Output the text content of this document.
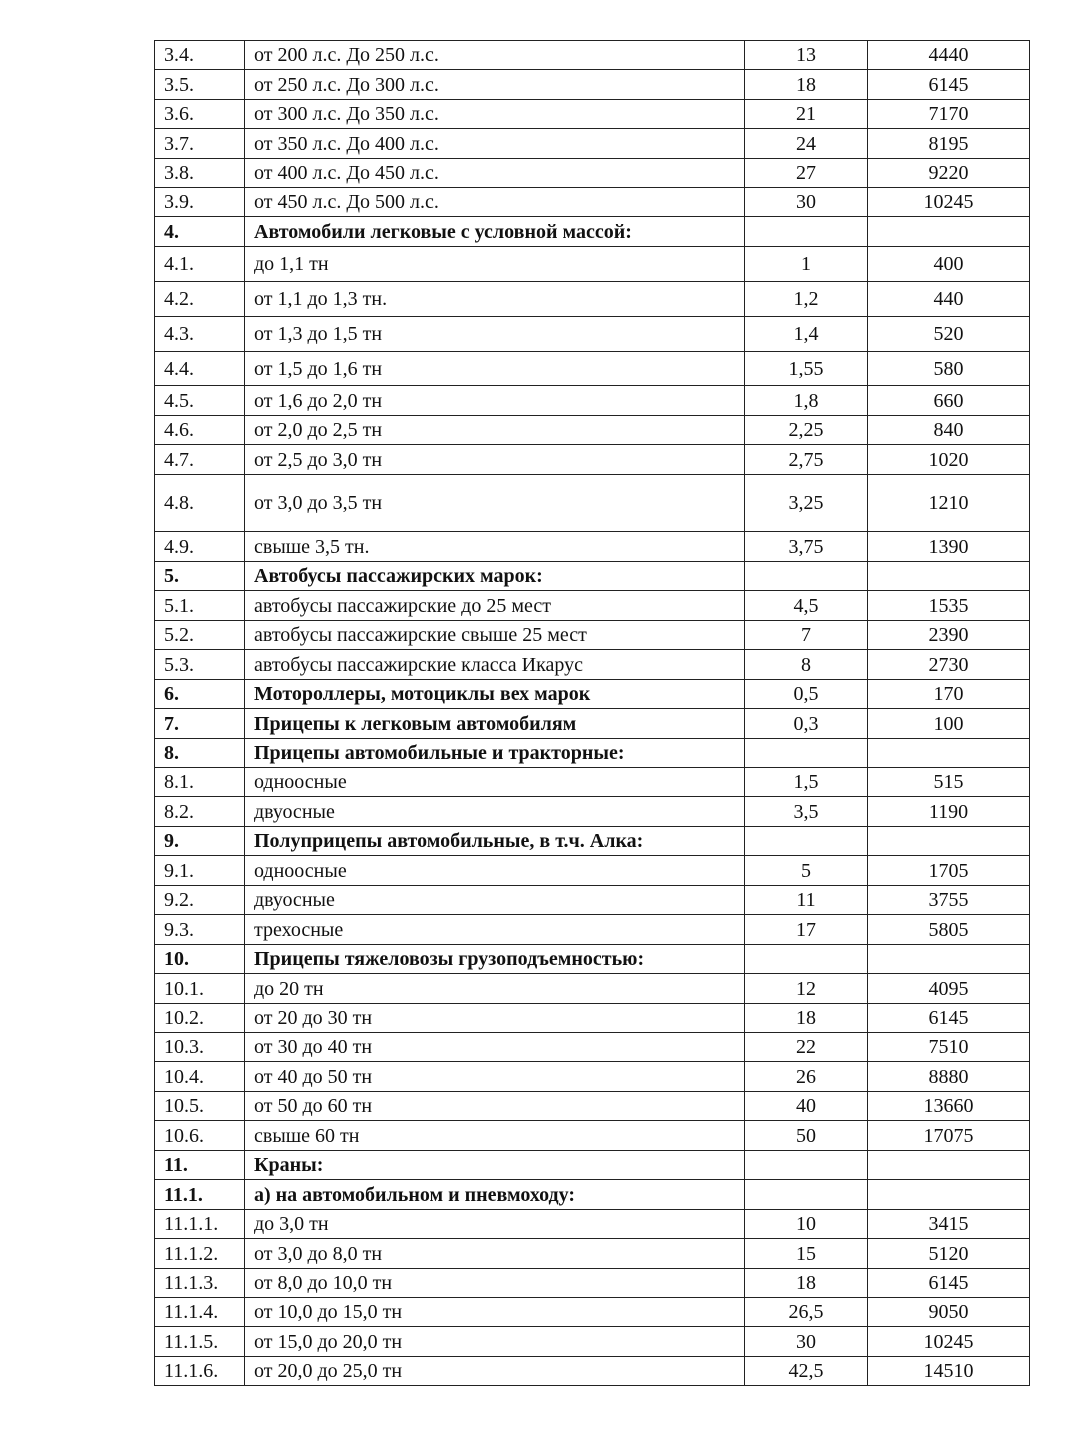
3.4.	от 200 л.с. До 250 л.с.	13	4440
3.5.	от 250 л.с. До 300 л.с.	18	6145
3.6.	от 300 л.с. До 350 л.с.	21	7170
3.7.	от 350 л.с. До 400 л.с.	24	8195
3.8.	от 400 л.с. До 450 л.с.	27	9220
3.9.	от 450 л.с. До 500 л.с.	30	10245
4.	Автомобили легковые с условной массой:		
4.1.	до 1,1 тн	1	400
4.2.	от 1,1 до 1,3 тн.	1,2	440
4.3.	от 1,3 до 1,5 тн	1,4	520
4.4.	от 1,5 до 1,6 тн	1,55	580
4.5.	от 1,6 до 2,0 тн	1,8	660
4.6.	от 2,0 до 2,5 тн	2,25	840
4.7.	от 2,5 до 3,0 тн	2,75	1020
4.8.	от 3,0 до 3,5 тн	3,25	1210
4.9.	свыше 3,5 тн.	3,75	1390
5.	Автобусы пассажирских марок:		
5.1.	автобусы пассажирские до 25 мест	4,5	1535
5.2.	автобусы пассажирские свыше 25 мест	7	2390
5.3.	автобусы пассажирские класса Икарус	8	2730
6.	Мотороллеры, мотоциклы вех марок	0,5	170
7.	Прицепы к легковым автомобилям	0,3	100
8.	Прицепы автомобильные и тракторные:		
8.1.	одноосные	1,5	515
8.2.	двуосные	3,5	1190
9.	Полуприцепы автомобильные, в т.ч. Алка:		
9.1.	одноосные	5	1705
9.2.	двуосные	11	3755
9.3.	трехосные	17	5805
10.	Прицепы тяжеловозы грузоподъемностью:		
10.1.	до 20 тн	12	4095
10.2.	от 20 до 30 тн	18	6145
10.3.	от 30 до 40 тн	22	7510
10.4.	от 40 до 50 тн	26	8880
10.5.	от 50 до 60 тн	40	13660
10.6.	свыше 60 тн	50	17075
11.	Краны:		
11.1.	а) на автомобильном и пневмоходу:		
11.1.1.	до 3,0 тн	10	3415
11.1.2.	от 3,0 до 8,0 тн	15	5120
11.1.3.	от 8,0 до 10,0 тн	18	6145
11.1.4.	от 10,0 до 15,0 тн	26,5	9050
11.1.5.	от 15,0 до 20,0 тн	30	10245
11.1.6.	от 20,0 до 25,0 тн	42,5	14510
